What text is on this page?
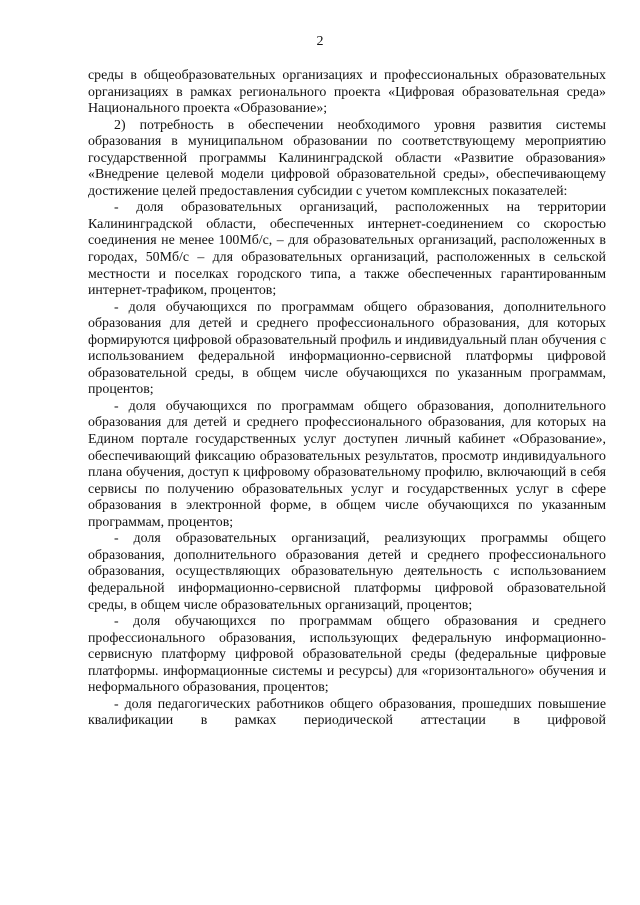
2

среды в общеобразовательных организациях и профессиональных образовательных организациях в рамках регионального проекта «Цифровая образовательная среда» Национального проекта «Образование»;

2) потребность в обеспечении необходимого уровня развития системы образования в муниципальном образовании по соответствующему мероприятию государственной программы Калининградской области «Развитие образования» «Внедрение целевой модели цифровой образовательной среды», обеспечивающему достижение целей предоставления субсидии с учетом комплексных показателей:

- доля образовательных организаций, расположенных на территории Калининградской области, обеспеченных интернет-соединением со скоростью соединения не менее 100Мб/с, – для образовательных организаций, расположенных в городах, 50Мб/с – для образовательных организаций, расположенных в сельской местности и поселках городского типа, а также обеспеченных гарантированным интернет-трафиком, процентов;

- доля обучающихся по программам общего образования, дополнительного образования для детей и среднего профессионального образования, для которых формируются цифровой образовательный профиль и индивидуальный план обучения с использованием федеральной информационно-сервисной платформы цифровой образовательной среды, в общем числе обучающихся по указанным программам, процентов;

- доля обучающихся по программам общего образования, дополнительного образования для детей и среднего профессионального образования, для которых на Едином портале государственных услуг доступен личный кабинет «Образование», обеспечивающий фиксацию образовательных результатов, просмотр индивидуального плана обучения, доступ к цифровому образовательному профилю, включающий в себя сервисы по получению образовательных услуг и государственных услуг в сфере образования в электронной форме, в общем числе обучающихся по указанным программам, процентов;

- доля образовательных организаций, реализующих программы общего образования, дополнительного образования детей и среднего профессионального образования, осуществляющих образовательную деятельность с использованием федеральной информационно-сервисной платформы цифровой образовательной среды, в общем числе образовательных организаций, процентов;

- доля обучающихся по программам общего образования и среднего профессионального образования, использующих федеральную информационно-сервисную платформу цифровой образовательной среды (федеральные цифровые платформы. информационные системы и ресурсы) для «горизонтального» обучения и неформального образования, процентов;

- доля педагогических работников общего образования, прошедших повышение квалификации в рамках периодической аттестации в цифровой
